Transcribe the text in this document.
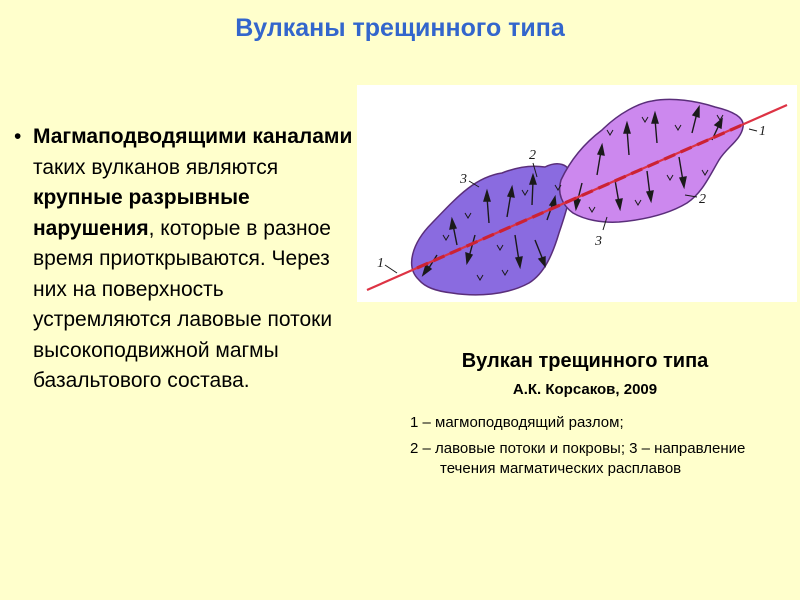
Вулканы трещинного типа
• Магмаподводящими каналами таких вулканов являются крупные разрывные нарушения, которые в разное время приоткрываются. Через них на поверхность устремляются лавовые потоки высокоподвижной магмы базальтового состава.
1
1
3
2
2
3
Вулкан трещинного типа
А.К. Корсаков, 2009
1 – магмоподводящий разлом;
2 – лавовые потоки и покровы; 3 – направление течения магматических расплавов
